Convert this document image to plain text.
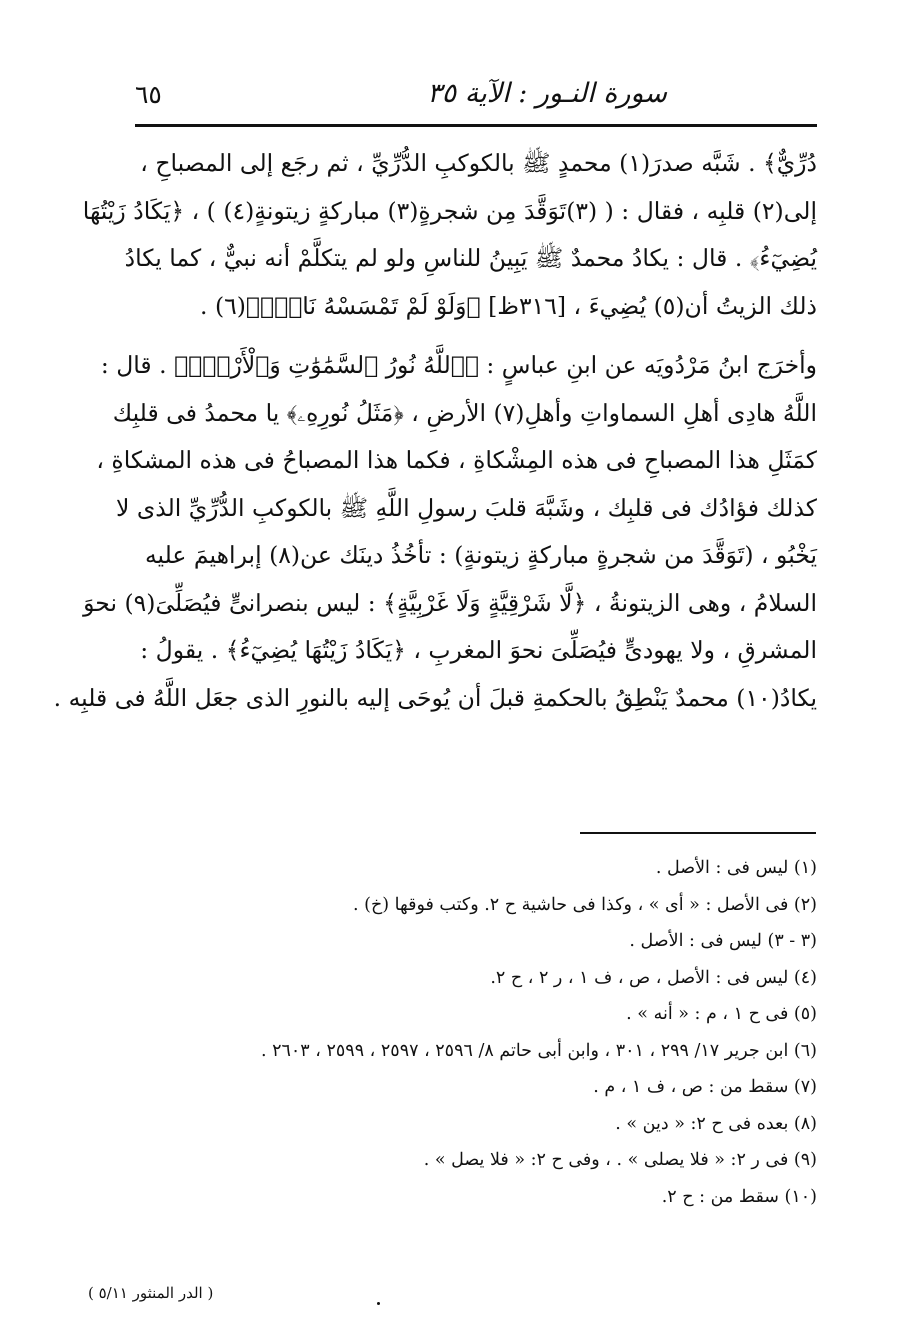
سورة النـور : الآية ٣٥
٦٥

دُرِّيٌّ﴾ . شَبَّه صدرَ(١) محمدٍ ﷺ بالكوكبِ الدُّرِّيِّ ، ثم رجَع إلى المصباحِ ،
إلى(٢) قلبِه ، فقال : ( (٣)تَوَقَّدَ مِن شجرةٍ(٣) مباركةٍ زيتونةٍ(٤) ) ، ﴿يَكَادُ زَيْتُهَا
يُضِيٓءُ﴾ . قال : يكادُ محمدٌ ﷺ يَبِينُ للناسِ ولو لم يتكلَّمْ أنه نبيٌّ ، كما يكادُ
ذلك الزيتُ أن(٥) يُضِيءَ ، [٣١٦ظ] ﴿وَلَوْ لَمْ تَمْسَسْهُ نَارٌۚ﴾(٦) .

وأخرَج ابنُ مَرْدُويَه عن ابنِ عباسٍ : ﴿ٱللَّهُ نُورُ ٱلسَّمَٰوَٰتِ وَٱلْأَرْضِۚ﴾ . قال :
اللَّهُ هادِى أهلِ السماواتِ وأهلِ(٧) الأرضِ ، ﴿مَثَلُ نُورِهِۦ﴾ يا محمدُ فى قلبِك
كمَثَلِ هذا المصباحِ فى هذه المِشْكاةِ ، فكما هذا المصباحُ فى هذه المشكاةِ ،
كذلك فؤادُك فى قلبِك ، وشَبَّهَ قلبَ رسولِ اللَّهِ ﷺ بالكوكبِ الدُّرِّيِّ الذى لا
يَخْبُو ، (تَوَقَّدَ من شجرةٍ مباركةٍ زيتونةٍ) : تأخُذُ دينَك عن(٨) إبراهيمَ عليه
السلامُ ، وهى الزيتونةُ ، ﴿لَّا شَرْقِيَّةٍ وَلَا غَرْبِيَّةٍ﴾ : ليس بنصرانىٍّ فيُصَلِّىَ(٩) نحوَ
المشرقِ ، ولا يهودىٍّ فيُصَلِّىَ نحوَ المغربِ ، ﴿يَكَادُ زَيْتُهَا يُضِيٓءُ﴾ . يقولُ :
يكادُ(١٠) محمدٌ يَنْطِقُ بالحكمةِ قبلَ أن يُوحَى إليه بالنورِ الذى جعَل اللَّهُ فى قلبِه .

(١) ليس فى : الأصل .
(٢) فى الأصل : « أى » ، وكذا فى حاشية ح ٢. وكتب فوقها (خ) .
(٣ - ٣) ليس فى : الأصل .
(٤) ليس فى : الأصل ، ص ، ف ١ ، ر ٢ ، ح ٢.
(٥) فى ح ١ ، م : « أنه » .
(٦) ابن جرير ١٧/ ٢٩٩ ، ٣٠١ ، وابن أبى حاتم ٨/ ٢٥٩٦ ، ٢٥٩٧ ، ٢٥٩٩ ، ٢٦٠٣ .
(٧) سقط من : ص ، ف ١ ، م .
(٨) بعده فى ح ٢: « دين » .
(٩) فى ر ٢: « فلا يصلى » . ، وفى ح ٢: « فلا يصل » .
(١٠) سقط من : ح ٢.
( الدر المنثور ٥/١١ )
